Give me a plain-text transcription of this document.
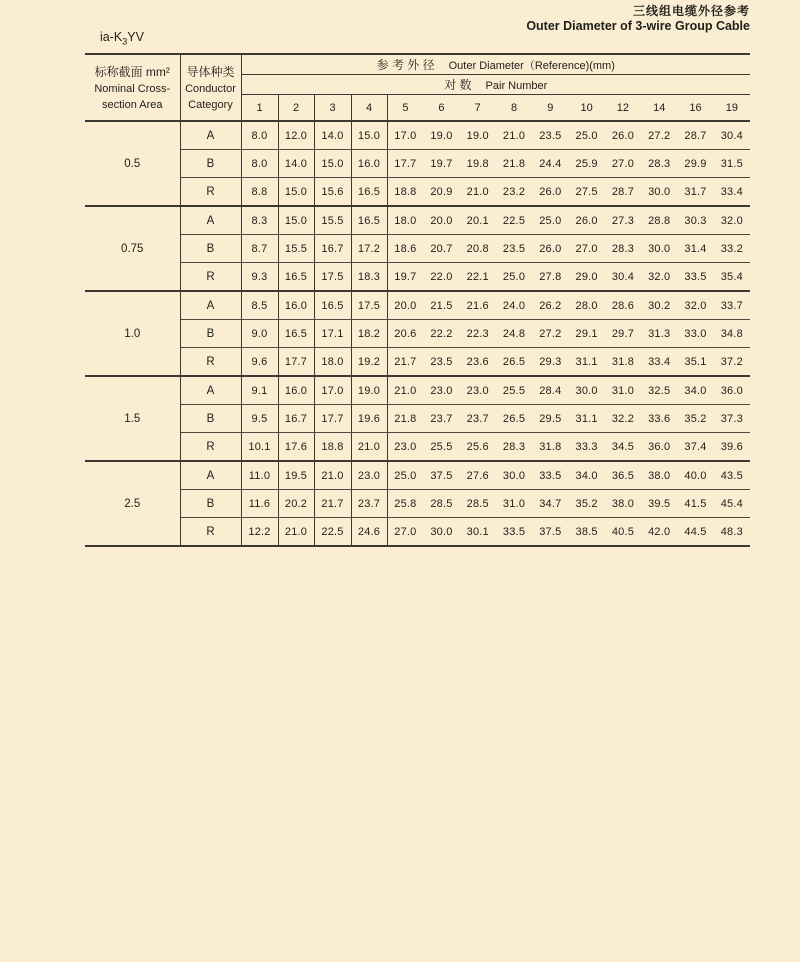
三线组电缆外径参考
Outer Diameter of 3-wire Group Cable
$ia-K_3YV$
标称截面 mm²
Nominal Cross-
section Area

导体种类
Conductor
Category
	参 考 外 径 Outer Diameter（Reference)(mm)
		对 数 Pair Number													
		1	2	3	4	5	6	7	8	9	10	12	14	16	19
0.5	A	8.0	12.0	14.0	15.0	17.0	19.0	19.0	21.0	23.5	25.0	26.0	27.2	28.7	30.4
	B	8.0	14.0	15.0	16.0	17.7	19.7	19.8	21.8	24.4	25.9	27.0	28.3	29.9	31.5
	R	8.8	15.0	15.6	16.5	18.8	20.9	21.0	23.2	26.0	27.5	28.7	30.0	31.7	33.4
0.75	A	8.3	15.0	15.5	16.5	18.0	20.0	20.1	22.5	25.0	26.0	27.3	28.8	30.3	32.0
	B	8.7	15.5	16.7	17.2	18.6	20.7	20.8	23.5	26.0	27.0	28.3	30.0	31.4	33.2
	R	9.3	16.5	17.5	18.3	19.7	22.0	22.1	25.0	27.8	29.0	30.4	32.0	33.5	35.4
1.0	A	8.5	16.0	16.5	17.5	20.0	21.5	21.6	24.0	26.2	28.0	28.6	30.2	32.0	33.7
	B	9.0	16.5	17.1	18.2	20.6	22.2	22.3	24.8	27.2	29.1	29.7	31.3	33.0	34.8
	R	9.6	17.7	18.0	19.2	21.7	23.5	23.6	26.5	29.3	31.1	31.8	33.4	35.1	37.2
1.5	A	9.1	16.0	17.0	19.0	21.0	23.0	23.0	25.5	28.4	30.0	31.0	32.5	34.0	36.0
	B	9.5	16.7	17.7	19.6	21.8	23.7	23.7	26.5	29.5	31.1	32.2	33.6	35.2	37.3
	R	10.1	17.6	18.8	21.0	23.0	25.5	25.6	28.3	31.8	33.3	34.5	36.0	37.4	39.6
2.5	A	11.0	19.5	21.0	23.0	25.0	37.5	27.6	30.0	33.5	34.0	36.5	38.0	40.0	43.5
	B	11.6	20.2	21.7	23.7	25.8	28.5	28.5	31.0	34.7	35.2	38.0	39.5	41.5	45.4
	R	12.2	21.0	22.5	24.6	27.0	30.0	30.1	33.5	37.5	38.5	40.5	42.0	44.5	48.3
